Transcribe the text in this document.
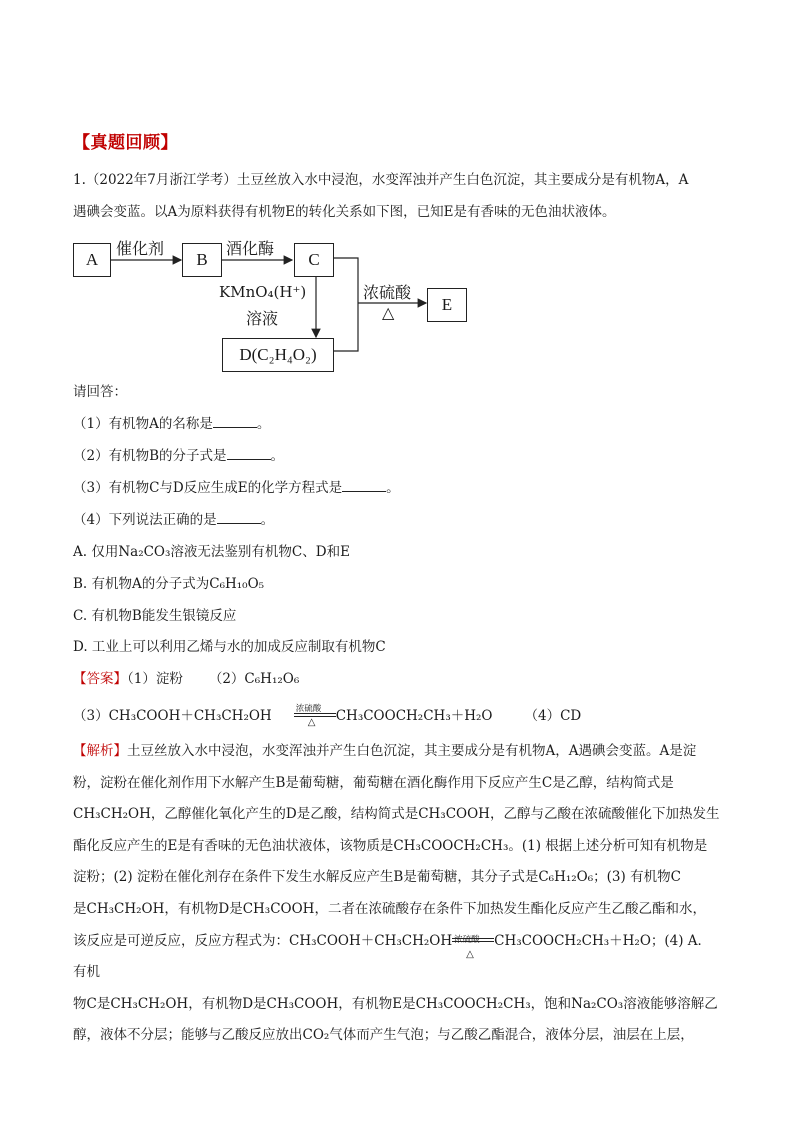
【真题回顾】
1.（2022年7月浙江学考）土豆丝放入水中浸泡，水变浑浊并产生白色沉淀，其主要成分是有机物A，A
遇碘会变蓝。以A为原料获得有机物E的转化关系如下图，已知E是有香味的无色油状液体。
A	B	C
E
D(C₂H₄O₂)
催化剂	酒化酶
KMnO₄(H⁺)
溶液
浓硫酸
△
请回答：
（1）有机物A的名称是	。
（2）有机物B的分子式是	。
（3）有机物C与D反应生成E的化学方程式是	。
（4）下列说法正确的是	。
A. 仅用Na₂CO₃溶液无法鉴别有机物C、D和E
B. 有机物A的分子式为C₆H₁₀O₅
C. 有机物B能发生银镜反应
D. 工业上可以利用乙烯与水的加成反应制取有机物C
【答案】（1）淀粉 （2）C₆H₁₂O₆
（3）CH₃COOH＋CH₃CH₂OH	浓硫酸
△ CH₃COOCH₂CH₃＋H₂O （4）CD
【解析】土豆丝放入水中浸泡，水变浑浊并产生白色沉淀，其主要成分是有机物A，A遇碘会变蓝。A是淀
粉，淀粉在催化剂作用下水解产生B是葡萄糖，葡萄糖在酒化酶作用下反应产生C是乙醇，结构简式是
CH₃CH₂OH，乙醇催化氧化产生的D是乙酸，结构简式是CH₃COOH，乙醇与乙酸在浓硫酸催化下加热发生
酯化反应产生的E是有香味的无色油状液体，该物质是CH₃COOCH₂CH₃。(1) 根据上述分析可知有机物是
淀粉；(2) 淀粉在催化剂存在条件下发生水解反应产生B是葡萄糖，其分子式是C₆H₁₂O₆；(3) 有机物C
是CH₃CH₂OH，有机物D是CH₃COOH，二者在浓硫酸存在条件下加热发生酯化反应产生乙酸乙酯和水，
该反应是可逆反应，反应方程式为：CH₃COOH＋CH₃CH₂OH 浓硫酸
△
CH₃COOCH₂CH₃＋H₂O；(4) A．有机
物C是CH₃CH₂OH，有机物D是CH₃COOH，有机物E是CH₃COOCH₂CH₃，饱和Na₂CO₃溶液能够溶解乙
醇，液体不分层；能够与乙酸反应放出CO₂气体而产生气泡；与乙酸乙酯混合，液体分层，油层在上层，
